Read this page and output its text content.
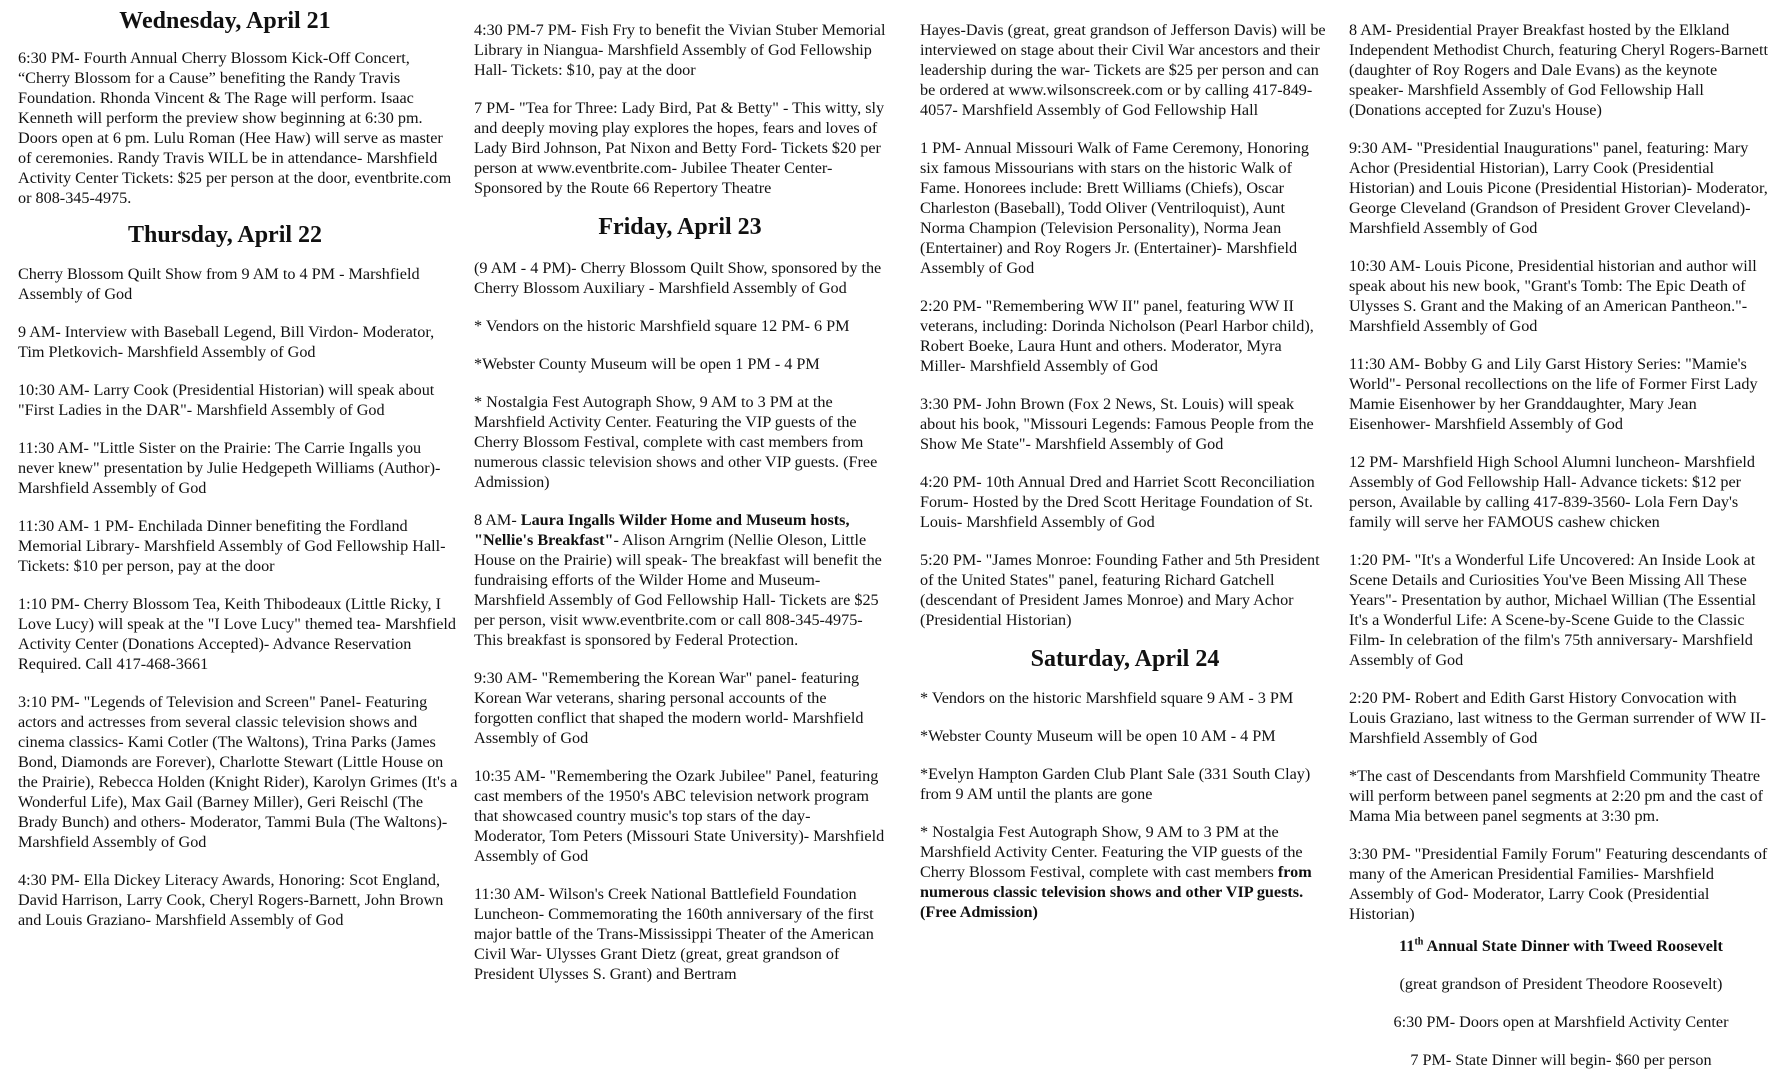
Wednesday, April 21

6:30 PM- Fourth Annual Cherry Blossom Kick-Off Concert, “Cherry Blossom for a Cause” benefiting the Randy Travis Foundation. Rhonda Vincent & The Rage will perform. Isaac Kenneth will perform the preview show beginning at 6:30 pm. Doors open at 6 pm. Lulu Roman (Hee Haw) will serve as master of ceremonies. Randy Travis WILL be in attendance- Marshfield Activity Center Tickets: $25 per person at the door, eventbrite.com or 808-345-4975.

Thursday, April 22

Cherry Blossom Quilt Show from 9 AM to 4 PM - Marshfield Assembly of God

9 AM- Interview with Baseball Legend, Bill Virdon- Moderator, Tim Pletkovich- Marshfield Assembly of God

10:30 AM- Larry Cook (Presidential Historian) will speak about "First Ladies in the DAR"- Marshfield Assembly of God

11:30 AM- "Little Sister on the Prairie: The Carrie Ingalls you never knew" presentation by Julie Hedgepeth Williams (Author)- Marshfield Assembly of God

11:30 AM- 1 PM- Enchilada Dinner benefiting the Fordland Memorial Library- Marshfield Assembly of God Fellowship Hall- Tickets: $10 per person, pay at the door

1:10 PM- Cherry Blossom Tea, Keith Thibodeaux (Little Ricky, I Love Lucy) will speak at the "I Love Lucy" themed tea- Marshfield Activity Center (Donations Accepted)- Advance Reservation Required. Call 417-468-3661

3:10 PM- "Legends of Television and Screen" Panel- Featuring actors and actresses from several classic television shows and cinema classics- Kami Cotler (The Waltons), Trina Parks (James Bond, Diamonds are Forever), Charlotte Stewart (Little House on the Prairie), Rebecca Holden (Knight Rider), Karolyn Grimes (It's a Wonderful Life), Max Gail (Barney Miller), Geri Reischl (The Brady Bunch) and others- Moderator, Tammi Bula (The Waltons)- Marshfield Assembly of God

4:30 PM- Ella Dickey Literacy Awards, Honoring: Scot England, David Harrison, Larry Cook, Cheryl Rogers-Barnett, John Brown and Louis Graziano- Marshfield Assembly of God

4:30 PM-7 PM- Fish Fry to benefit the Vivian Stuber Memorial Library in Niangua- Marshfield Assembly of God Fellowship Hall- Tickets: $10, pay at the door

7 PM- "Tea for Three: Lady Bird, Pat & Betty" - This witty, sly and deeply moving play explores the hopes, fears and loves of Lady Bird Johnson, Pat Nixon and Betty Ford- Tickets $20 per person at www.eventbrite.com- Jubilee Theater Center- Sponsored by the Route 66 Repertory Theatre

Friday, April 23

(9 AM - 4 PM)- Cherry Blossom Quilt Show, sponsored by the Cherry Blossom Auxiliary - Marshfield Assembly of God

* Vendors on the historic Marshfield square 12 PM- 6 PM

*Webster County Museum will be open 1 PM - 4 PM

* Nostalgia Fest Autograph Show, 9 AM to 3 PM at the Marshfield Activity Center. Featuring the VIP guests of the Cherry Blossom Festival, complete with cast members from numerous classic television shows and other VIP guests. (Free Admission)

8 AM- Laura Ingalls Wilder Home and Museum hosts, "Nellie's Breakfast"- Alison Arngrim (Nellie Oleson, Little House on the Prairie) will speak- The breakfast will benefit the fundraising efforts of the Wilder Home and Museum- Marshfield Assembly of God Fellowship Hall- Tickets are $25 per person, visit www.eventbrite.com or call 808-345-4975- This breakfast is sponsored by Federal Protection.

9:30 AM- "Remembering the Korean War" panel- featuring Korean War veterans, sharing personal accounts of the forgotten conflict that shaped the modern world- Marshfield Assembly of God

10:35 AM- "Remembering the Ozark Jubilee" Panel, featuring cast members of the 1950's ABC television network program that showcased country music's top stars of the day- Moderator, Tom Peters (Missouri State University)- Marshfield Assembly of God

11:30 AM- Wilson's Creek National Battlefield Foundation Luncheon- Commemorating the 160th anniversary of the first major battle of the Trans-Mississippi Theater of the American Civil War- Ulysses Grant Dietz (great, great grandson of President Ulysses S. Grant) and Bertram

Hayes-Davis (great, great grandson of Jefferson Davis) will be interviewed on stage about their Civil War ancestors and their leadership during the war- Tickets are $25 per person and can be ordered at www.wilsonscreek.com or by calling 417-849-4057- Marshfield Assembly of God Fellowship Hall

1 PM- Annual Missouri Walk of Fame Ceremony, Honoring six famous Missourians with stars on the historic Walk of Fame. Honorees include: Brett Williams (Chiefs), Oscar Charleston (Baseball), Todd Oliver (Ventriloquist), Aunt Norma Champion (Television Personality), Norma Jean (Entertainer) and Roy Rogers Jr. (Entertainer)- Marshfield Assembly of God

2:20 PM- "Remembering WW II" panel, featuring WW II veterans, including: Dorinda Nicholson (Pearl Harbor child), Robert Boeke, Laura Hunt and others. Moderator, Myra Miller- Marshfield Assembly of God

3:30 PM- John Brown (Fox 2 News, St. Louis) will speak about his book, "Missouri Legends: Famous People from the Show Me State"- Marshfield Assembly of God

4:20 PM- 10th Annual Dred and Harriet Scott Reconciliation Forum- Hosted by the Dred Scott Heritage Foundation of St. Louis- Marshfield Assembly of God

5:20 PM- "James Monroe: Founding Father and 5th President of the United States" panel, featuring Richard Gatchell (descendant of President James Monroe) and Mary Achor (Presidential Historian)

Saturday, April 24

* Vendors on the historic Marshfield square 9 AM - 3 PM

*Webster County Museum will be open 10 AM - 4 PM

*Evelyn Hampton Garden Club Plant Sale (331 South Clay) from 9 AM until the plants are gone

* Nostalgia Fest Autograph Show, 9 AM to 3 PM at the Marshfield Activity Center. Featuring the VIP guests of the Cherry Blossom Festival, complete with cast members from numerous classic television shows and other VIP guests. (Free Admission)

8 AM- Presidential Prayer Breakfast hosted by the Elkland Independent Methodist Church, featuring Cheryl Rogers-Barnett (daughter of Roy Rogers and Dale Evans) as the keynote speaker- Marshfield Assembly of God Fellowship Hall (Donations accepted for Zuzu's House)

9:30 AM- "Presidential Inaugurations" panel, featuring: Mary Achor (Presidential Historian), Larry Cook (Presidential Historian) and Louis Picone (Presidential Historian)- Moderator, George Cleveland (Grandson of President Grover Cleveland)- Marshfield Assembly of God

10:30 AM- Louis Picone, Presidential historian and author will speak about his new book, "Grant's Tomb: The Epic Death of Ulysses S. Grant and the Making of an American Pantheon."- Marshfield Assembly of God

11:30 AM- Bobby G and Lily Garst History Series: "Mamie's World"- Personal recollections on the life of Former First Lady Mamie Eisenhower by her Granddaughter, Mary Jean Eisenhower- Marshfield Assembly of God

12 PM- Marshfield High School Alumni luncheon- Marshfield Assembly of God Fellowship Hall- Advance tickets: $12 per person, Available by calling 417-839-3560- Lola Fern Day's family will serve her FAMOUS cashew chicken

1:20 PM- "It's a Wonderful Life Uncovered: An Inside Look at Scene Details and Curiosities You've Been Missing All These Years"- Presentation by author, Michael Willian (The Essential It's a Wonderful Life: A Scene-by-Scene Guide to the Classic Film- In celebration of the film's 75th anniversary- Marshfield Assembly of God

2:20 PM- Robert and Edith Garst History Convocation with Louis Graziano, last witness to the German surrender of WW II- Marshfield Assembly of God

*The cast of Descendants from Marshfield Community Theatre will perform between panel segments at 2:20 pm and the cast of Mama Mia between panel segments at 3:30 pm.

3:30 PM- "Presidential Family Forum" Featuring descendants of many of the American Presidential Families- Marshfield Assembly of God- Moderator, Larry Cook (Presidential Historian)

11th Annual State Dinner with Tweed Roosevelt

(great grandson of President Theodore Roosevelt)

6:30 PM- Doors open at Marshfield Activity Center

7 PM- State Dinner will begin- $60 per person
